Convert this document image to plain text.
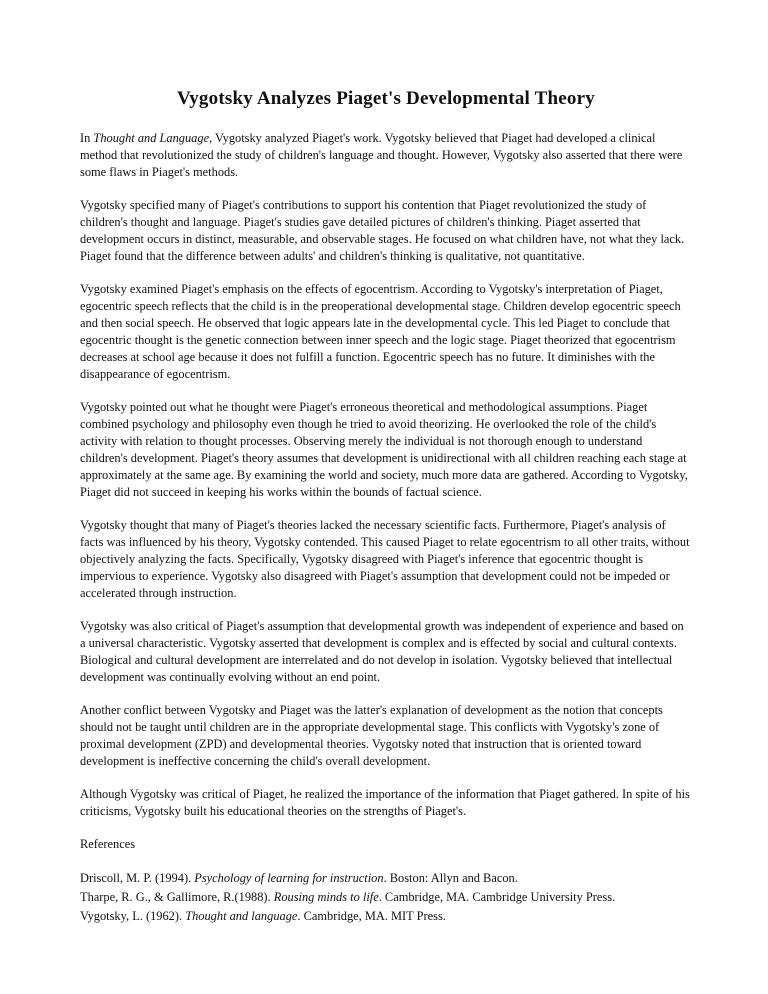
Vygotsky Analyzes Piaget's Developmental Theory

In Thought and Language, Vygotsky analyzed Piaget's work. Vygotsky believed that Piaget had developed a clinical method that revolutionized the study of children's language and thought. However, Vygotsky also asserted that there were some flaws in Piaget's methods.

Vygotsky specified many of Piaget's contributions to support his contention that Piaget revolutionized the study of children's thought and language. Piaget's studies gave detailed pictures of children's thinking. Piaget asserted that development occurs in distinct, measurable, and observable stages. He focused on what children have, not what they lack. Piaget found that the difference between adults' and children's thinking is qualitative, not quantitative.

Vygotsky examined Piaget's emphasis on the effects of egocentrism. According to Vygotsky's interpretation of Piaget, egocentric speech reflects that the child is in the preoperational developmental stage. Children develop egocentric speech and then social speech. He observed that logic appears late in the developmental cycle. This led Piaget to conclude that egocentric thought is the genetic connection between inner speech and the logic stage. Piaget theorized that egocentrism decreases at school age because it does not fulfill a function. Egocentric speech has no future. It diminishes with the disappearance of egocentrism.

Vygotsky pointed out what he thought were Piaget's erroneous theoretical and methodological assumptions. Piaget combined psychology and philosophy even though he tried to avoid theorizing. He overlooked the role of the child's activity with relation to thought processes. Observing merely the individual is not thorough enough to understand children's development. Piaget's theory assumes that development is unidirectional with all children reaching each stage at approximately at the same age. By examining the world and society, much more data are gathered. According to Vygotsky, Piaget did not succeed in keeping his works within the bounds of factual science.

Vygotsky thought that many of Piaget's theories lacked the necessary scientific facts. Furthermore, Piaget's analysis of facts was influenced by his theory, Vygotsky contended. This caused Piaget to relate egocentrism to all other traits, without objectively analyzing the facts. Specifically, Vygotsky disagreed with Piaget's inference that egocentric thought is impervious to experience. Vygotsky also disagreed with Piaget's assumption that development could not be impeded or accelerated through instruction.

Vygotsky was also critical of Piaget's assumption that developmental growth was independent of experience and based on a universal characteristic. Vygotsky asserted that development is complex and is effected by social and cultural contexts. Biological and cultural development are interrelated and do not develop in isolation. Vygotsky believed that intellectual development was continually evolving without an end point.

Another conflict between Vygotsky and Piaget was the latter's explanation of development as the notion that concepts should not be taught until children are in the appropriate developmental stage. This conflicts with Vygotsky's zone of proximal development (ZPD) and developmental theories. Vygotsky noted that instruction that is oriented toward development is ineffective concerning the child's overall development.

Although Vygotsky was critical of Piaget, he realized the importance of the information that Piaget gathered. In spite of his criticisms, Vygotsky built his educational theories on the strengths of Piaget's.

References

Driscoll, M. P. (1994). Psychology of learning for instruction. Boston: Allyn and Bacon.

Tharpe, R. G., & Gallimore, R.(1988). Rousing minds to life. Cambridge, MA. Cambridge University Press.

Vygotsky, L. (1962). Thought and language. Cambridge, MA. MIT Press.
